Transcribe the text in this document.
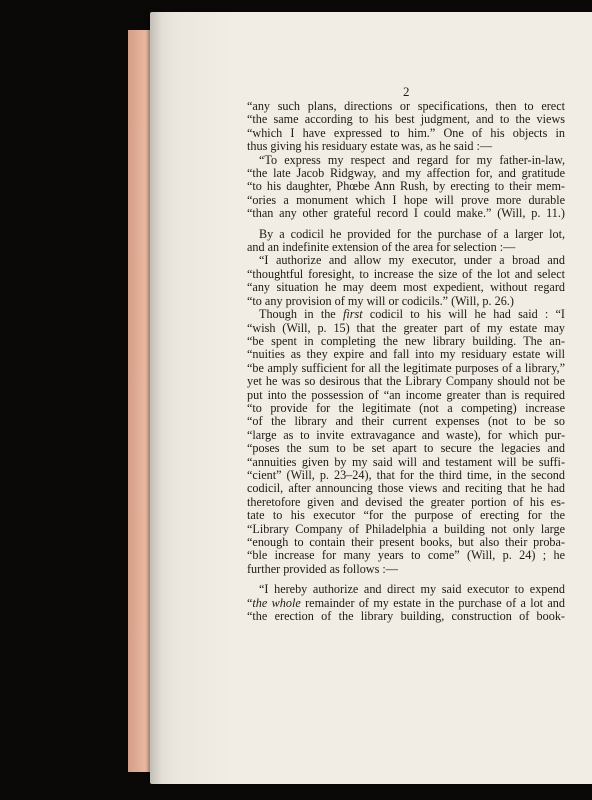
2

“any such plans, directions or specifications, then to erect

“the same according to his best judgment, and to the views

“which I have expressed to him.” One of his objects in

thus giving his residuary estate was, as he said :—

“To express my respect and regard for my father-in-law,

“the late Jacob Ridgway, and my affection for, and gratitude

“to his daughter, Phœbe Ann Rush, by erecting to their mem-

“ories a monument which I hope will prove more durable

“than any other grateful record I could make.” (Will, p. 11.)

By a codicil he provided for the purchase of a larger lot,

and an indefinite extension of the area for selection :—

“I authorize and allow my executor, under a broad and

“thoughtful foresight, to increase the size of the lot and select

“any situation he may deem most expedient, without regard

“to any provision of my will or codicils.” (Will, p. 26.)

Though in the first codicil to his will he had said : “I

“wish (Will, p. 15) that the greater part of my estate may

“be spent in completing the new library building. The an-

“nuities as they expire and fall into my residuary estate will

“be amply sufficient for all the legitimate purposes of a library,”

yet he was so desirous that the Library Company should not be

put into the possession of “an income greater than is required

“to provide for the legitimate (not a competing) increase

“of the library and their current expenses (not to be so

“large as to invite extravagance and waste), for which pur-

“poses the sum to be set apart to secure the legacies and

“annuities given by my said will and testament will be suffi-

“cient” (Will, p. 23–24), that for the third time, in the second

codicil, after announcing those views and reciting that he had

theretofore given and devised the greater portion of his es-

tate to his executor “for the purpose of erecting for the

“Library Company of Philadelphia a building not only large

“enough to contain their present books, but also their proba-

“ble increase for many years to come” (Will, p. 24) ; he

further provided as follows :—

“I hereby authorize and direct my said executor to expend

“the whole remainder of my estate in the purchase of a lot and

“the erection of the library building, construction of book-
